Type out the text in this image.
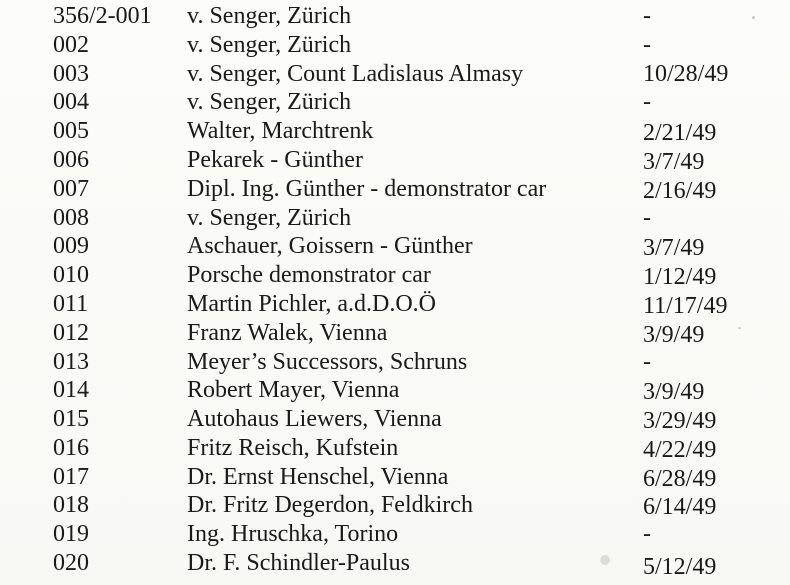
356/2-001 v. Senger, Zürich	-
002	v. Senger, Zürich	-
003	v. Senger, Count Ladislaus Almasy	10/28/49
004	v. Senger, Zürich	-
005	Walter, Marchtrenk	2/21/49
006	Pekarek - Günther	3/7/49
007	Dipl. Ing. Günther - demonstrator car	2/16/49
008	v. Senger, Zürich	-
009	Aschauer, Goissern - Günther	3/7/49
010	Porsche demonstrator car	1/12/49
011	Martin Pichler, a.d.D.O.Ö	11/17/49
012	Franz Walek, Vienna	3/9/49
013	Meyer’s Successors, Schruns	-
014	Robert Mayer, Vienna	3/9/49
015	Autohaus Liewers, Vienna	3/29/49
016	Fritz Reisch, Kufstein	4/22/49
017	Dr. Ernst Henschel, Vienna	6/28/49
018	Dr. Fritz Degerdon, Feldkirch	6/14/49
019	Ing. Hruschka, Torino	-
020	Dr. F. Schindler-Paulus	5/12/49
